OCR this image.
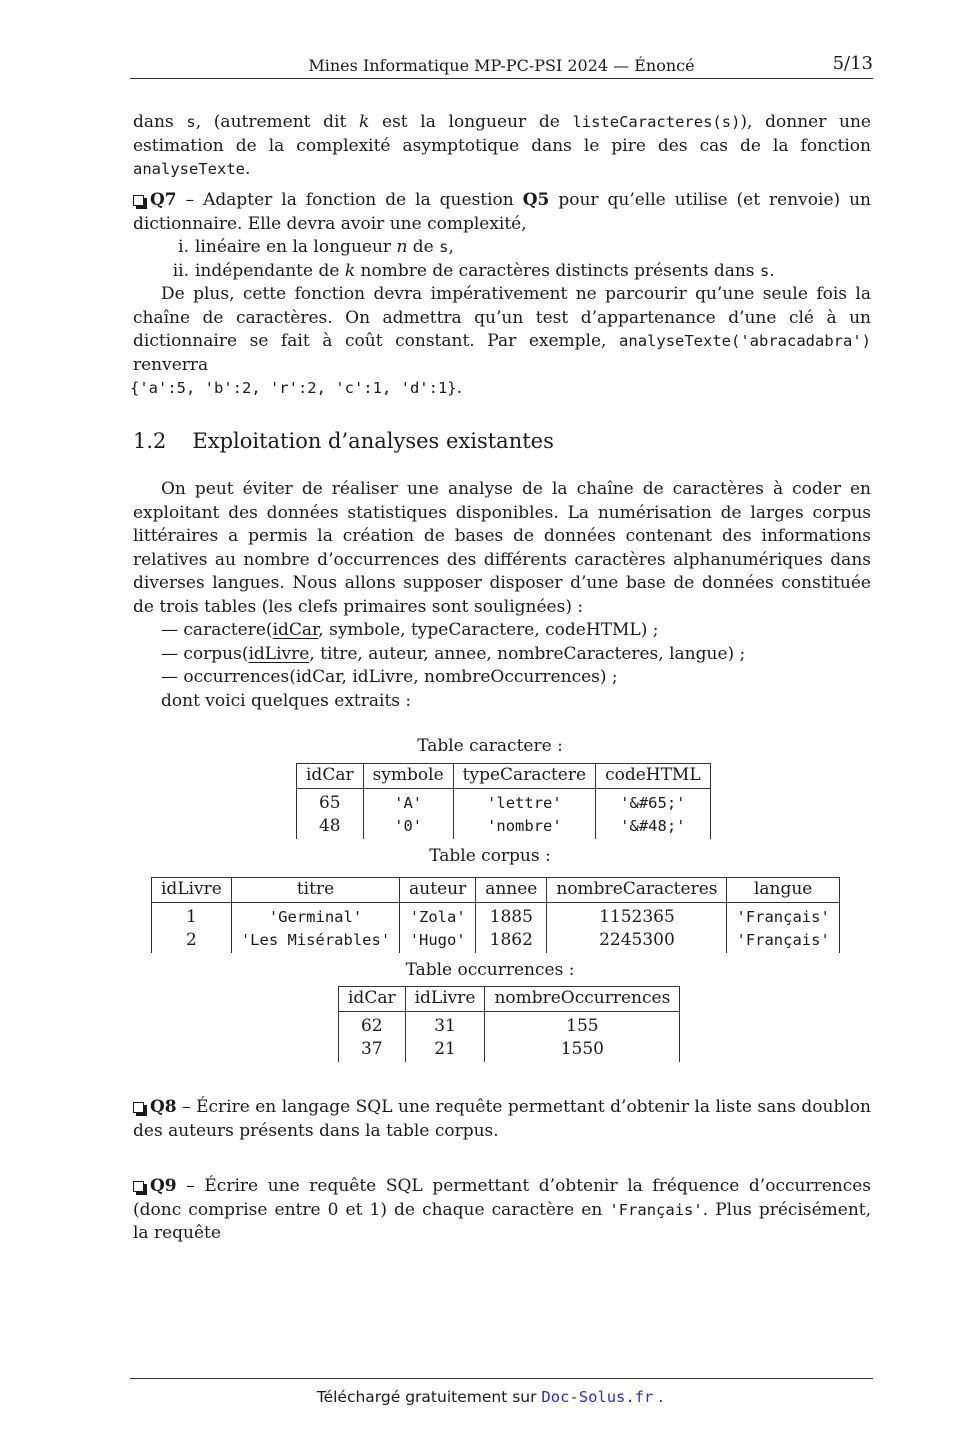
Mines Informatique MP-PC-PSI 2024 — Énoncé	5/13

dans s, (autrement dit k est la longueur de listeCaracteres(s)), donner une estimation de la complexité asymptotique dans le pire des cas de la fonction analyseTexte.

Q7 – Adapter la fonction de la question Q5 pour qu’elle utilise (et renvoie) un dictionnaire. Elle devra avoir une complexité,

i. linéaire en la longueur n de s,
ii. indépendante de k nombre de caractères distincts présents dans s.

De plus, cette fonction devra impérativement ne parcourir qu’une seule fois la chaîne de caractères. On admettra qu’un test d’appartenance d’une clé à un dictionnaire se fait à coût constant. Par exemple, analyseTexte('abracadabra') renverra

{'a':5, 'b':2, 'r':2, 'c':1, 'd':1}.

1.2 Exploitation d’analyses existantes

On peut éviter de réaliser une analyse de la chaîne de caractères à coder en exploitant des données statistiques disponibles. La numérisation de larges corpus littéraires a permis la création de bases de données contenant des informations relatives au nombre d’occurrences des différents caractères alphanumériques dans diverses langues. Nous allons supposer disposer d’une base de données constituée de trois tables (les clefs primaires sont soulignées) :

— caractere(idCar, symbole, typeCaractere, codeHTML) ;
— corpus(idLivre, titre, auteur, annee, nombreCaracteres, langue) ;
— occurrences(idCar, idLivre, nombreOccurrences) ;

dont voici quelques extraits :

Table caractere :
idCar	symbole	typeCaractere	codeHTML
65	'A'	'lettre'	'&#65;'
48	'0'	'nombre'	'&#48;'
Table corpus :
idLivre	titre	auteur	annee	nombreCaracteres	langue
1	'Germinal'	'Zola'	1885	1152365	'Français'
2	'Les Misérables'	'Hugo'	1862	2245300	'Français'
Table occurrences :
idCar	idLivre	nombreOccurrences
62	31	155
37	21	1550

Q8 – Écrire en langage SQL une requête permettant d’obtenir la liste sans doublon des auteurs présents dans la table corpus.

Q9 – Écrire une requête SQL permettant d’obtenir la fréquence d’occurrences (donc comprise entre 0 et 1) de chaque caractère en 'Français'. Plus précisément, la requête

Téléchargé gratuitement sur Doc-Solus.fr .
